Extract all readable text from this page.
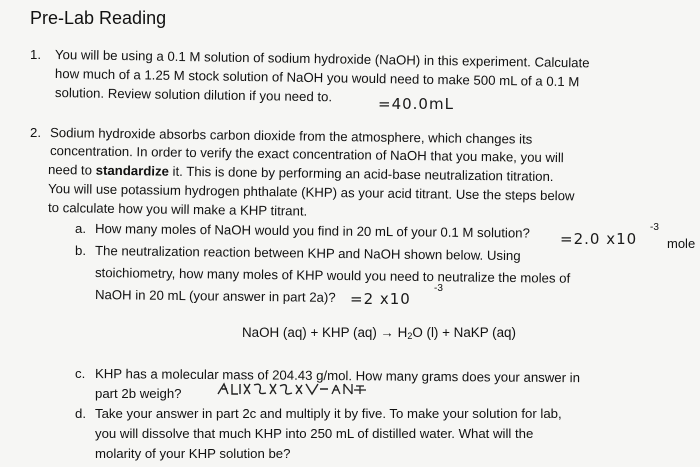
Pre-Lab Reading
1. You will be using a 0.1 M solution of sodium hydroxide (NaOH) in this experiment. Calculate
how much of a 1.25 M stock solution of NaOH you would need to make 500 mL of a 0.1 M
solution. Review solution dilution if you need to.	=40.0mL
2. Sodium hydroxide absorbs carbon dioxide from the atmosphere, which changes its
concentration. In order to verify the exact concentration of NaOH that you make, you will
need to standardize it. This is done by performing an acid-base neutralization titration.
You will use potassium hydrogen phthalate (KHP) as your acid titrant. Use the steps below
to calculate how you will make a KHP titrant.
a. How many moles of NaOH would you find in 20 mL of your 0.1 M solution? =2.0 x10
-3
mole
b. The neutralization reaction between KHP and NaOH shown below. Using
stoichiometry, how many moles of KHP would you need to neutralize the moles of
NaOH in 20 mL (your answer in part 2a)? =2 x10
-3
NaOH (aq) + KHP $(aq) \to H_2O$ (l) + NaKP (aq)
c. KHP has a molecular mass of 204.43 g/mol. How many grams does your answer in
part 2b weigh?
d. Take your answer in part 2c and multiply it by five. To make your solution for lab,
you will dissolve that much KHP into 250 mL of distilled water. What will the
molarity of your KHP solution be?
